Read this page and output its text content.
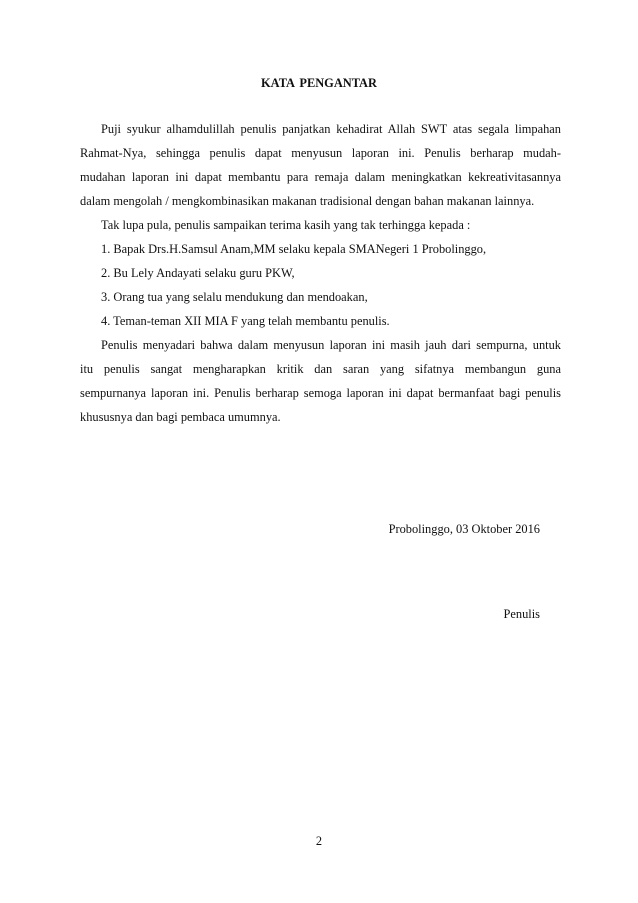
KATA PENGANTAR
Puji syukur alhamdulillah penulis panjatkan kehadirat Allah SWT atas segala limpahan
Rahmat-Nya, sehingga penulis dapat menyusun laporan ini. Penulis berharap mudah-
mudahan laporan ini dapat membantu para remaja dalam meningkatkan kekreativitasannya
dalam mengolah / mengkombinasikan makanan tradisional dengan bahan makanan lainnya.
Tak lupa pula, penulis sampaikan terima kasih yang tak terhingga kepada :
1. Bapak Drs.H.Samsul Anam,MM selaku kepala SMANegeri 1 Probolinggo,
2. Bu Lely Andayati selaku guru PKW,
3. Orang tua yang selalu mendukung dan mendoakan,
4. Teman-teman XII MIA F yang telah membantu penulis.
Penulis menyadari bahwa dalam menyusun laporan ini masih jauh dari sempurna, untuk
itu penulis sangat mengharapkan kritik dan saran yang sifatnya membangun guna
sempurnanya laporan ini. Penulis berharap semoga laporan ini dapat bermanfaat bagi penulis
khususnya dan bagi pembaca umumnya.
Probolinggo, 03 Oktober 2016
Penulis
2
